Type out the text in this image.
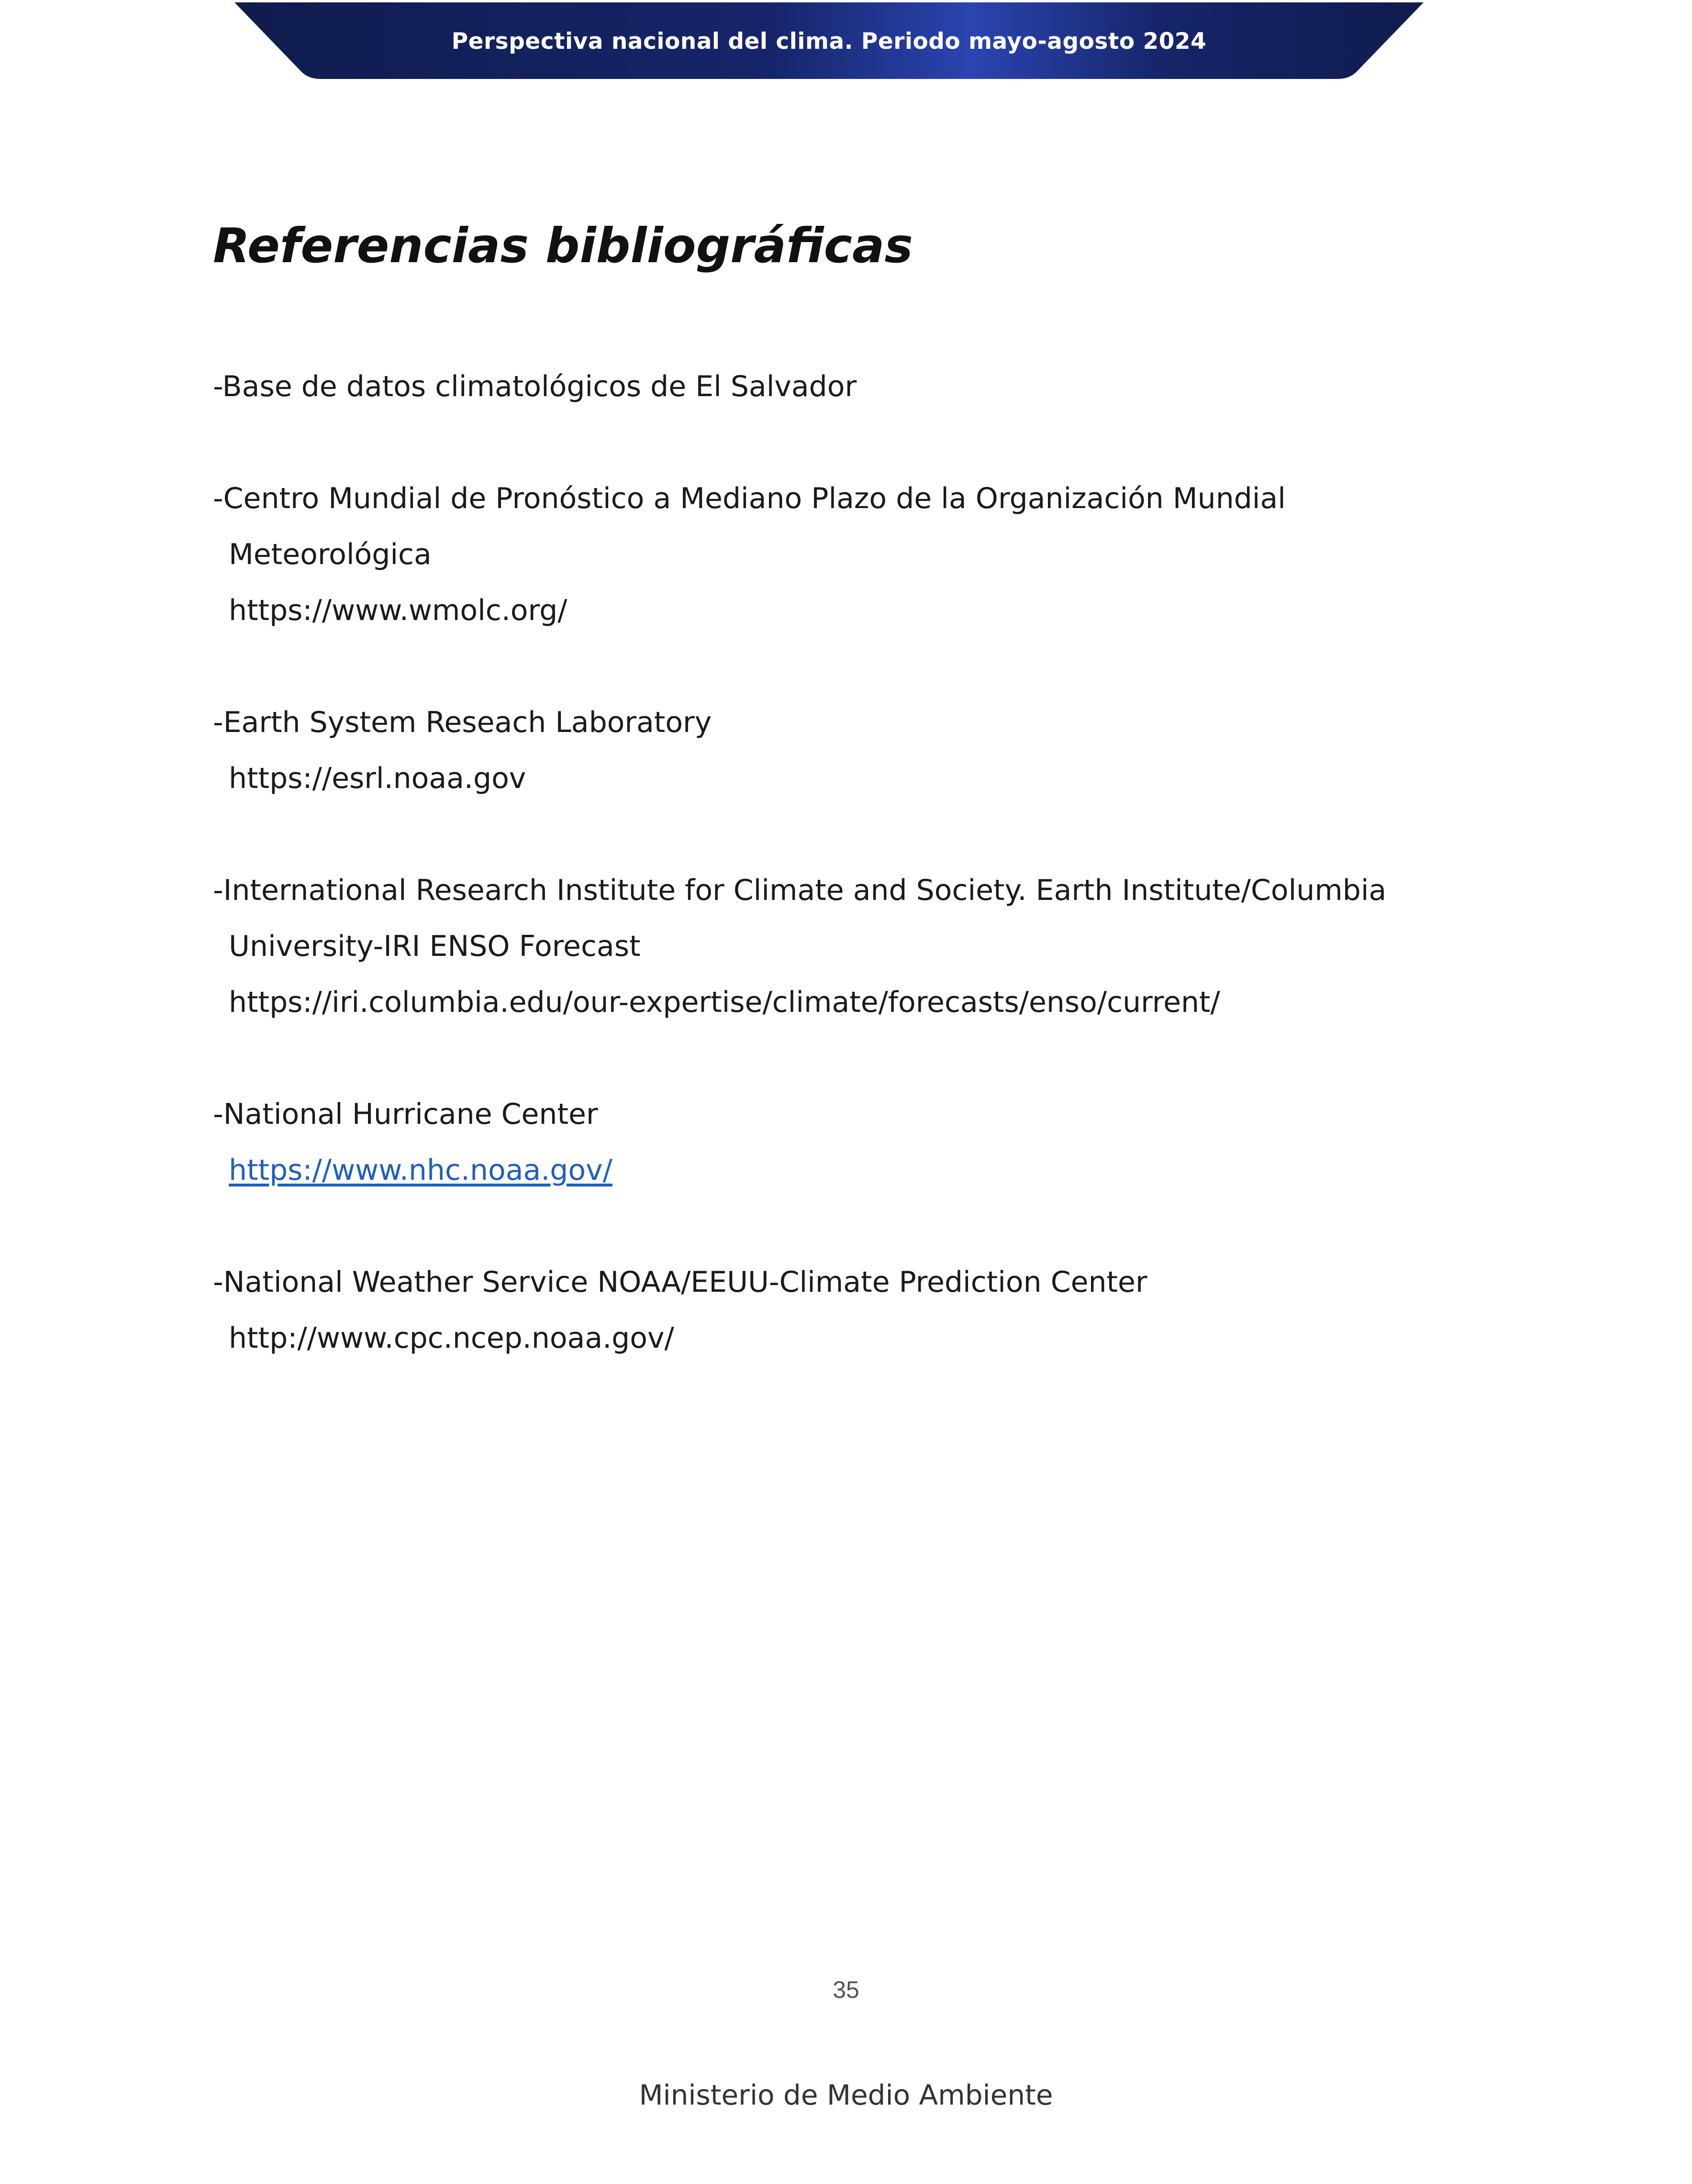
Perspectiva nacional del clima. Periodo mayo-agosto 2024
Referencias bibliográficas
-Base de datos climatológicos de El Salvador
-Centro Mundial de Pronóstico a Mediano Plazo de la Organización Mundial
Meteorológica
https://www.wmolc.org/
-Earth System Reseach Laboratory
https://esrl.noaa.gov
-International Research Institute for Climate and Society. Earth Institute/Columbia
University-IRI ENSO Forecast
https://iri.columbia.edu/our-expertise/climate/forecasts/enso/current/
-National Hurricane Center
https://www.nhc.noaa.gov/
-National Weather Service NOAA/EEUU-Climate Prediction Center
http://www.cpc.ncep.noaa.gov/
35
Ministerio de Medio Ambiente
